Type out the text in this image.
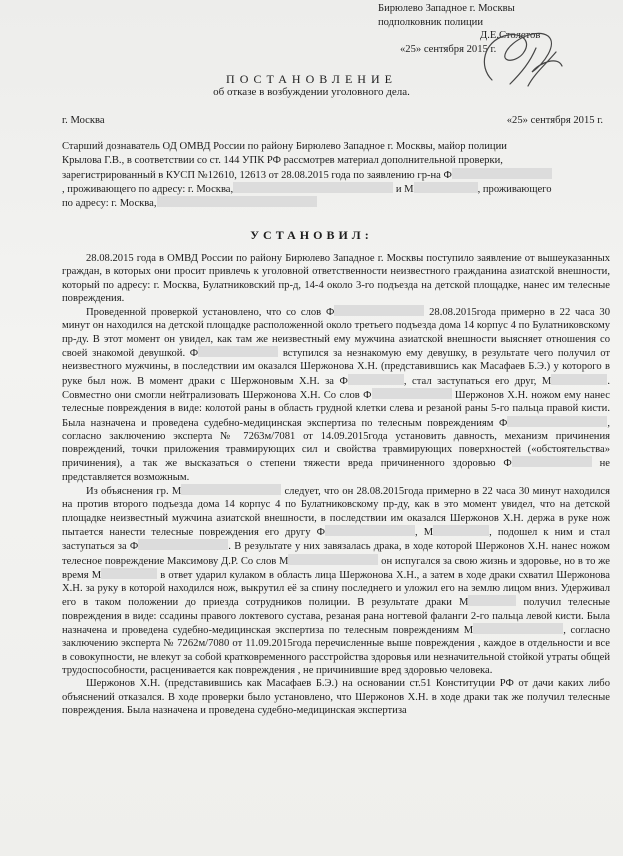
Бирюлево Западное г. Москвы
подполковник полиции
Д.Е.Столетов
«25» сентября 2015 г.
ПОСТАНОВЛЕНИЕ
об отказе в возбуждении уголовного дела.
г. Москва	«25» сентября 2015 г.
Старший дознаватель ОД ОМВД России по району Бирюлево Западное г. Москвы, майор полиции
Крылова Г.В., в соответствии со ст. 144 УПК РФ рассмотрев материал дополнительной проверки,
зарегистрированный в КУСП №12610, 12613 от 28.08.2015 года по заявлению гр-на Ф
, проживающего по адресу: г. Москва,	и М	, проживающего
по адресу: г. Москва,
УСТАНОВИЛ:

28.08.2015 года в ОМВД России по району Бирюлево Западное г. Москвы поступило заявление от вышеуказанных граждан, в которых они просит привлечь к уголовной ответственности неизвестного гражданина азиатской внешности, который по адресу: г. Москва, Булатниковский пр-д, 14-4 около 3-го подъезда на детской площадке, нанес им телесные повреждения.

Проведенной проверкой установлено, что со слов Ф	28.08.2015года примерно в 22 часа 30 минут он находился на детской площадке расположенной около третьего подъезда дома 14 корпус 4 по Булатниковскому пр-ду. В этот момент он увидел, как там же неизвестный ему мужчина азиатской внешности выясняет отношения со своей знакомой девушкой. Ф	вступился за незнакомую ему девушку, в результате чего получил от неизвестного мужчины, в последствии им оказался Шержонова Х.Н. (представившись как Масафаев Б.Э.) у которого в руке был нож. В момент драки с Шержоновым Х.Н. за Ф	, стал заступаться его друг, М	. Совместно они смогли нейтрализовать Шержонова Х.Н. Со слов Ф	Шержонов Х.Н. ножом ему нанес телесные повреждения в виде: колотой раны в область грудной клетки слева и резаной раны 5-го пальца правой кисти. Была назначена и проведена судебно-медицинская экспертиза по телесным повреждениям Ф	, согласно заключению эксперта № 7263м/7081 от 14.09.2015года установить давность, механизм причинения повреждений, точки приложения травмирующих сил и свойства травмирующих поверхностей («обстоятельства» причинения), а так же высказаться о степени тяжести вреда причиненного здоровью Ф	не представляется возможным.

Из объяснения гр. М	следует, что он 28.08.2015года примерно в 22 часа 30 минут находился на против второго подъезда дома 14 корпус 4 по Булатниковскому пр-ду, как в это момент увидел, что на детской площадке неизвестный мужчина азиатской внешности, в последствии им оказался Шержонов Х.Н. держа в руке нож пытается нанести телесные повреждения его другу Ф	, М	, подошел к ним и стал заступаться за Ф	. В результате у них завязалась драка, в ходе которой Шержонов Х.Н. нанес ножом телесное повреждение Максимову Д.Р. Со слов М	он испугался за свою жизнь и здоровье, но в то же время М	в ответ ударил кулаком в область лица Шержонова Х.Н., а затем в ходе драки схватил Шержонова Х.Н. за руку в которой находился нож, выкрутил её за спину последнего и уложил его на землю лицом вниз. Удерживал его в таком положении до приезда сотрудников полиции. В результате драки М	получил телесные повреждения в виде: ссадины правого локтевого сустава, резаная рана ногтевой фаланги 2-го пальца левой кисти. Была назначена и проведена судебно-медицинская экспертиза по телесным повреждениям М	, согласно заключению эксперта № 7262м/7080 от 11.09.2015года перечисленные выше повреждения , каждое в отдельности и все в совокупности, не влекут за собой кратковременного расстройства здоровья или незначительной стойкой утраты общей трудоспособности, расценивается как повреждения , не причинившие вред здоровью человека.

Шержонов Х.Н. (представившись как Масафаев Б.Э.) на основании ст.51 Конституции РФ от дачи каких либо объяснений отказался. В ходе проверки было установлено, что Шержонов Х.Н. в ходе драки так же получил телесные повреждения. Была назначена и проведена судебно-медицинская экспертиза
